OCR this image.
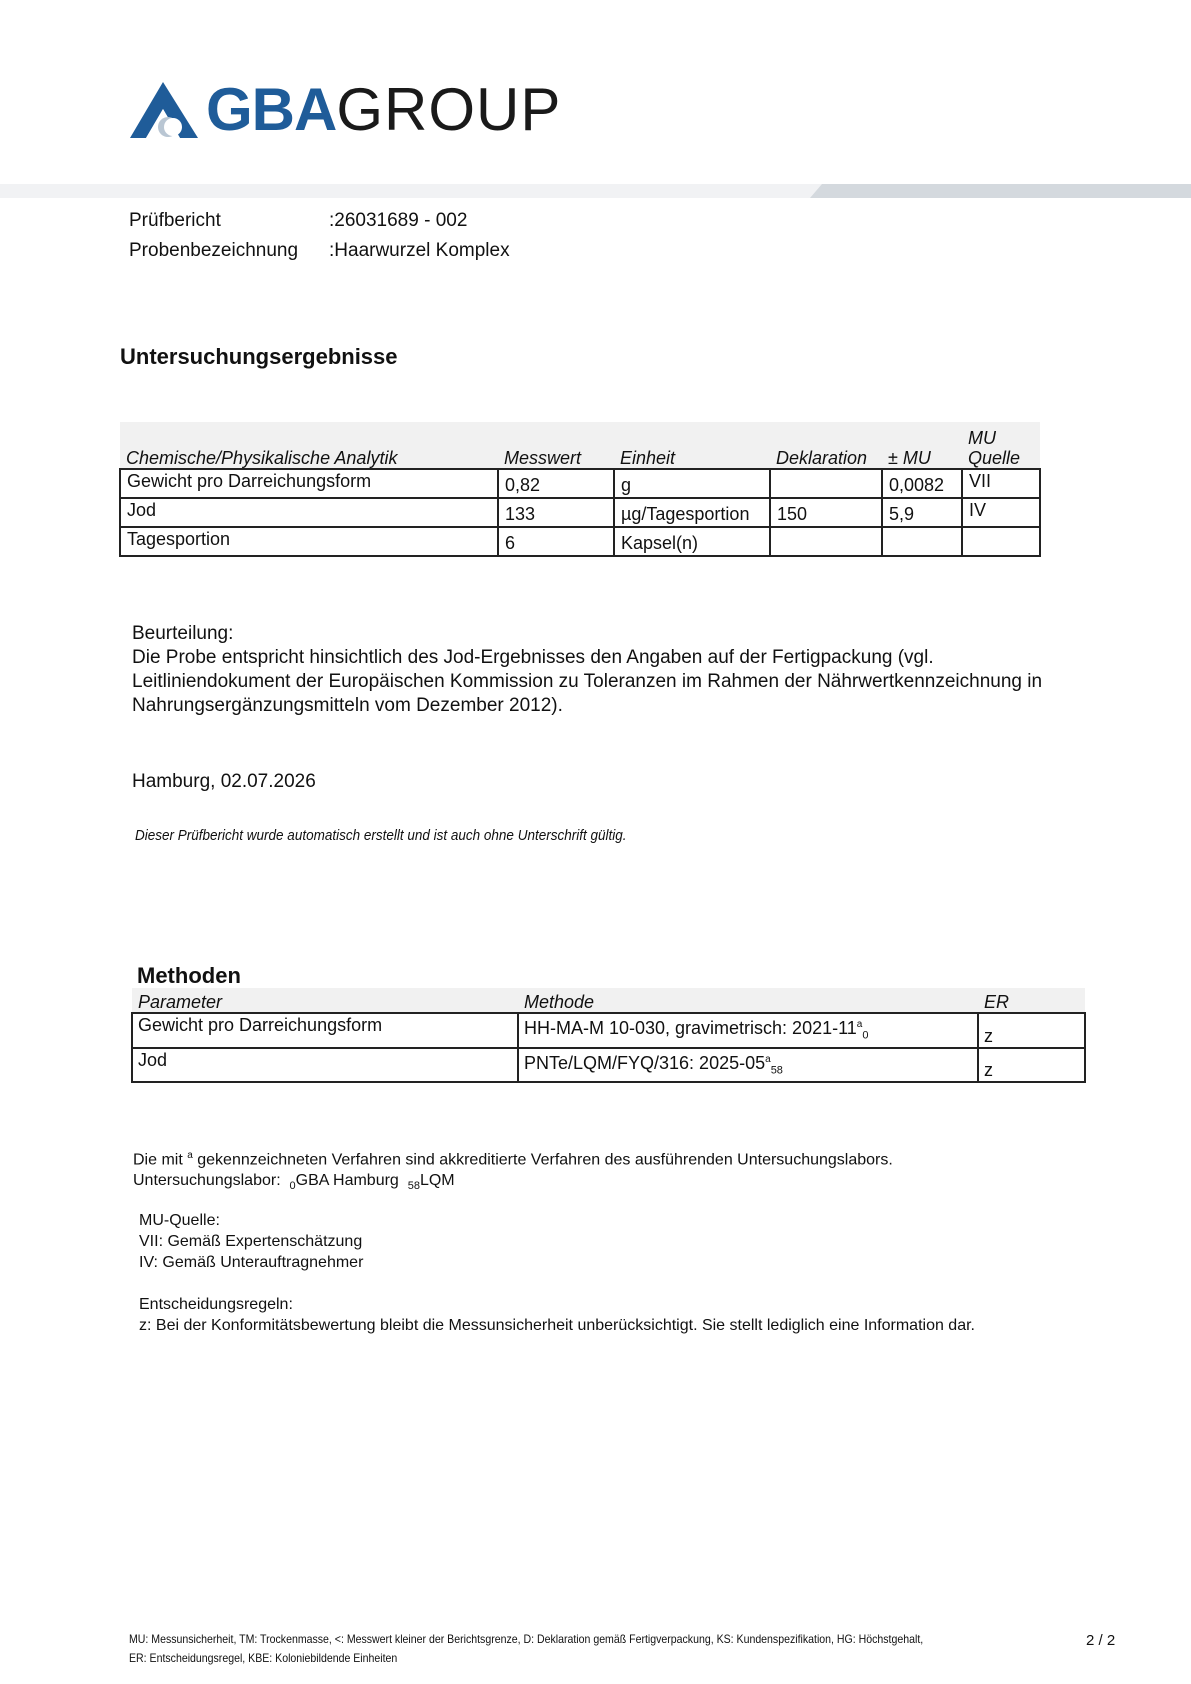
GBA GROUP
Prüfbericht	:26031689 - 002
Probenbezeichnung :Haarwurzel Komplex
Untersuchungsergebnisse
Chemische/Physikalische Analytik	Messwert	Einheit	Deklaration	± MU	MU Quelle
Gewicht pro Darreichungsform	0,82	g		0,0082	VII
Jod	133	µg/Tagesportion	150	5,9	IV
Tagesportion	6	Kapsel(n)			
Beurteilung:
Die Probe entspricht hinsichtlich des Jod-Ergebnisses den Angaben auf der Fertigpackung (vgl.
Leitliniendokument der Europäischen Kommission zu Toleranzen im Rahmen der Nährwertkennzeichnung in
Nahrungsergänzungsmitteln vom Dezember 2012).
Hamburg, 02.07.2026
Dieser Prüfbericht wurde automatisch erstellt und ist auch ohne Unterschrift gültig.
Methoden
Parameter	Methode	ER
Gewicht pro Darreichungsform	HH-MA-M 10-030, gravimetrisch: $2021-11^a_0$	z
Jod	PNTe/LQM/FYQ/316: $2025-05^a_{58}$	z
Die mit $^a$ gekennzeichneten Verfahren sind akkreditierte Verfahren des ausführenden Untersuchungslabors.
Untersuchungslabor: $_0$GBA Hamburg $_{58}$LQM
MU-Quelle:
VII: Gemäß Expertenschätzung
IV: Gemäß Unterauftragnehmer
Entscheidungsregeln:
z: Bei der Konformitätsbewertung bleibt die Messunsicherheit unberücksichtigt. Sie stellt lediglich eine Information dar.
MU: Messunsicherheit, TM: Trockenmasse, <: Messwert kleiner der Berichtsgrenze, D: Deklaration gemäß Fertigverpackung, KS: Kundenspezifikation, HG: Höchstgehalt,
ER: Entscheidungsregel, KBE: Koloniebildende Einheiten
2 / 2
